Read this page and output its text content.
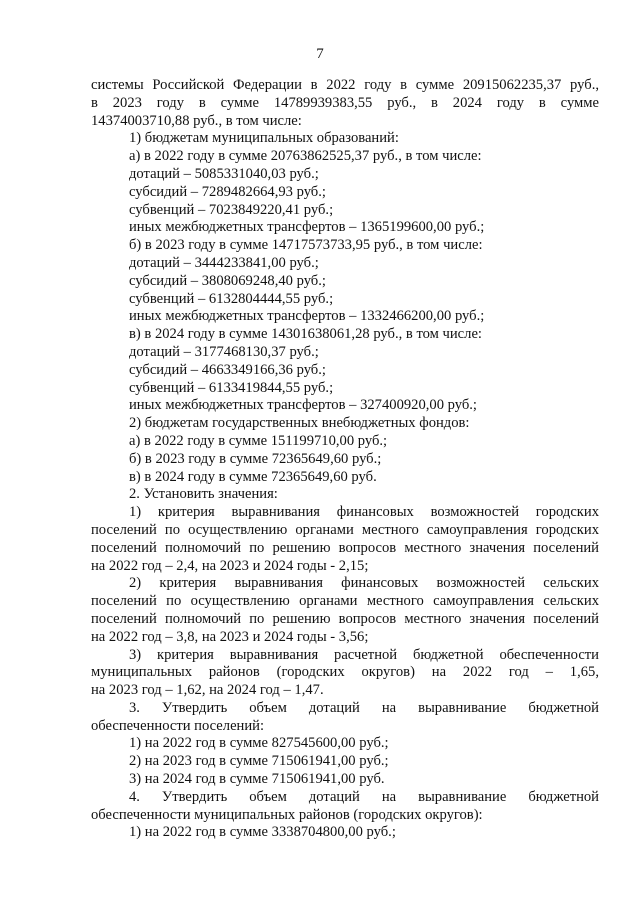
7
системы Российской Федерации в 2022 году в сумме 20915062235,37 руб.,
в 2023 году в сумме 14789939383,55 руб., в 2024 году в сумме
14374003710,88 руб., в том числе:
1) бюджетам муниципальных образований:
а) в 2022 году в сумме 20763862525,37 руб., в том числе:
дотаций – 5085331040,03 руб.;
субсидий – 7289482664,93 руб.;
субвенций – 7023849220,41 руб.;
иных межбюджетных трансфертов – 1365199600,00 руб.;
б) в 2023 году в сумме 14717573733,95 руб., в том числе:
дотаций – 3444233841,00 руб.;
субсидий – 3808069248,40 руб.;
субвенций – 6132804444,55 руб.;
иных межбюджетных трансфертов – 1332466200,00 руб.;
в) в 2024 году в сумме 14301638061,28 руб., в том числе:
дотаций – 3177468130,37 руб.;
субсидий – 4663349166,36 руб.;
субвенций – 6133419844,55 руб.;
иных межбюджетных трансфертов – 327400920,00 руб.;
2) бюджетам государственных внебюджетных фондов:
а) в 2022 году в сумме 151199710,00 руб.;
б) в 2023 году в сумме 72365649,60 руб.;
в) в 2024 году в сумме 72365649,60 руб.
2. Установить значения:
1) критерия выравнивания финансовых возможностей городских
поселений по осуществлению органами местного самоуправления городских
поселений полномочий по решению вопросов местного значения поселений
на 2022 год – 2,4, на 2023 и 2024 годы - 2,15;
2) критерия выравнивания финансовых возможностей сельских
поселений по осуществлению органами местного самоуправления сельских
поселений полномочий по решению вопросов местного значения поселений
на 2022 год – 3,8, на 2023 и 2024 годы - 3,56;
3) критерия выравнивания расчетной бюджетной обеспеченности
муниципальных районов (городских округов) на 2022 год – 1,65,
на 2023 год – 1,62, на 2024 год – 1,47.
3. Утвердить объем дотаций на выравнивание бюджетной
обеспеченности поселений:
1) на 2022 год в сумме 827545600,00 руб.;
2) на 2023 год в сумме 715061941,00 руб.;
3) на 2024 год в сумме 715061941,00 руб.
4. Утвердить объем дотаций на выравнивание бюджетной
обеспеченности муниципальных районов (городских округов):
1) на 2022 год в сумме 3338704800,00 руб.;
